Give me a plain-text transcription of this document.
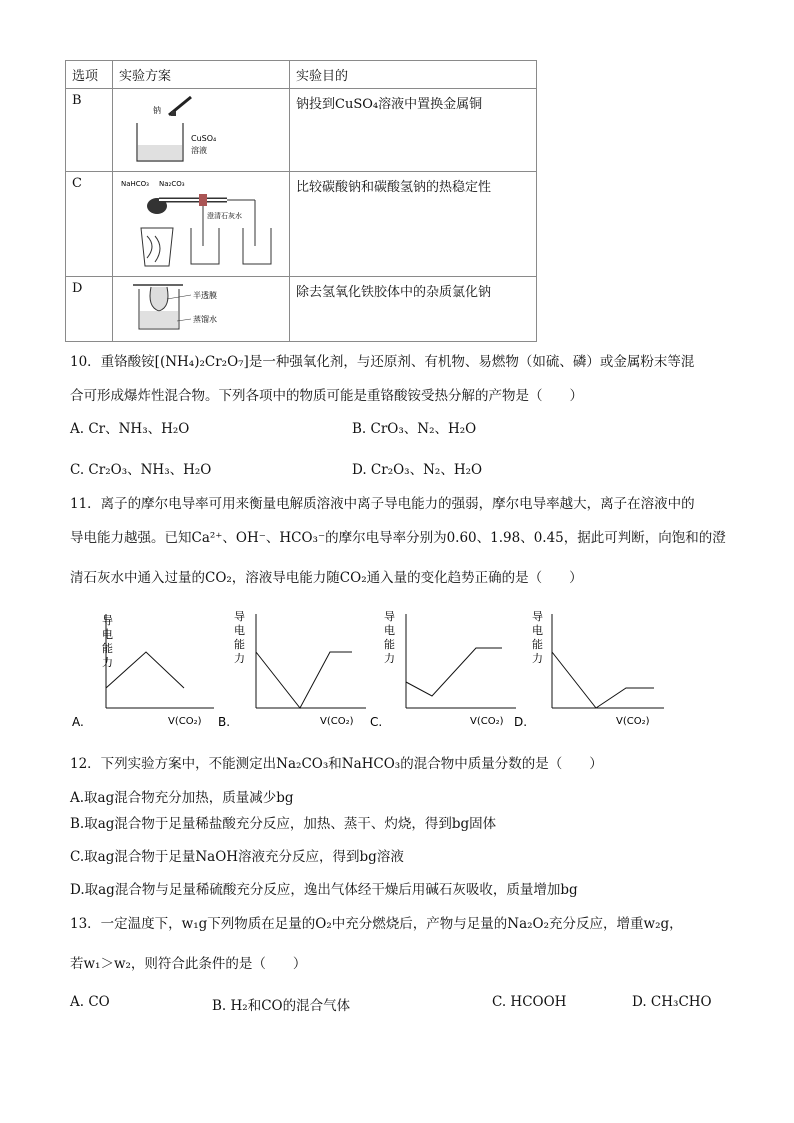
选项	实验方案	实验目的
B	钠
CuSO₄
溶液	钠投到CuSO₄溶液中置换金属铜
C	NaHCO₃ Na₂CO₃
澄清石灰水	比较碳酸钠和碳酸氢钠的热稳定性
D	半透膜
蒸馏水	除去氢氧化铁胶体中的杂质氯化钠
10．重铬酸铵[(NH₄)₂Cr₂O₇]是一种强氧化剂，与还原剂、有机物、易燃物（如硫、磷）或金属粉末等混
合可形成爆炸性混合物。下列各项中的物质可能是重铬酸铵受热分解的产物是（　　）
A. Cr、NH₃、H₂O	B. CrO₃、N₂、H₂O
C. Cr₂O₃、NH₃、H₂O	D. Cr₂O₃、N₂、H₂O
11．离子的摩尔电导率可用来衡量电解质溶液中离子导电能力的强弱，摩尔电导率越大，离子在溶液中的
导电能力越强。已知Ca²⁺、OH⁻、HCO₃⁻的摩尔电导率分别为0.60、1.98、0.45，据此可判断，向饱和的澄
清石灰水中通入过量的CO₂，溶液导电能力随CO₂通入量的变化趋势正确的是（　　）
导
电
能
力
V(CO₂)
A.
导
电
能
力
V(CO₂)
B.
导
电
能
力
V(CO₂)
C.
导
电
能
力
V(CO₂)
D.
12．下列实验方案中，不能测定出Na₂CO₃和NaHCO₃的混合物中质量分数的是（　　）
A.取ag混合物充分加热，质量减少bg
B.取ag混合物于足量稀盐酸充分反应，加热、蒸干、灼烧，得到bg固体
C.取ag混合物于足量NaOH溶液充分反应，得到bg溶液
D.取ag混合物与足量稀硫酸充分反应，逸出气体经干燥后用碱石灰吸收，质量增加bg
13．一定温度下，w₁g下列物质在足量的O₂中充分燃烧后，产物与足量的Na₂O₂充分反应，增重w₂g，
若w₁＞w₂，则符合此条件的是（　　）
A. CO	B. H₂和CO的混合气体	C. HCOOH	D. CH₃CHO
